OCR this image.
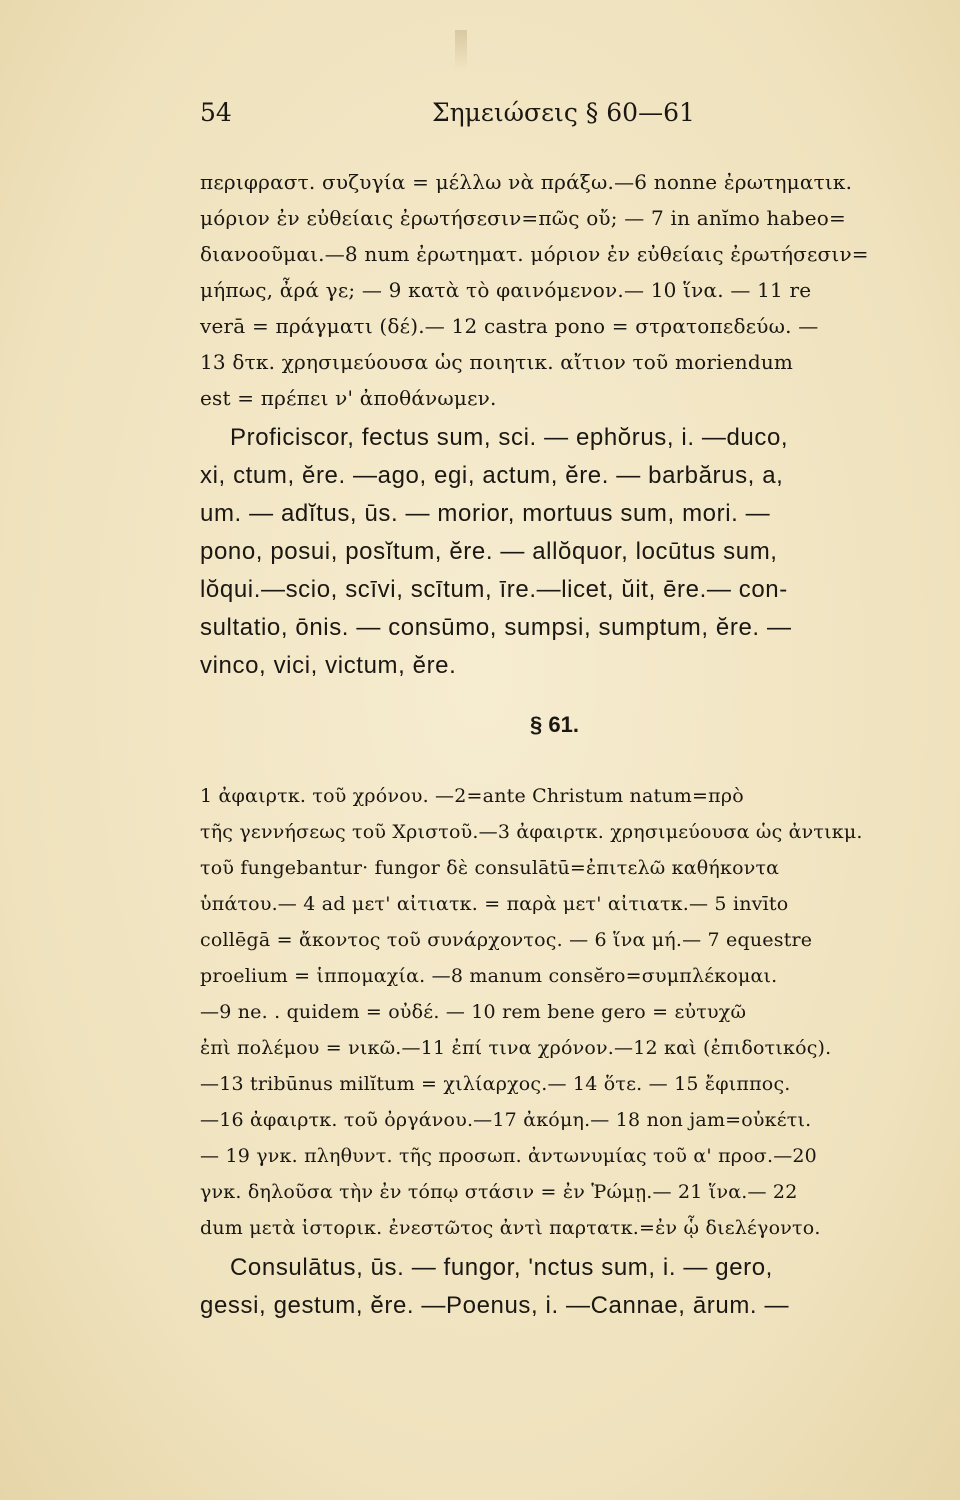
54	Σημειώσεις § 60—61
περιφραστ. συζυγία = μέλλω νὰ πράξω.—6 nonne ἐρωτηματικ.
μόριον ἐν εὐθείαις ἐρωτήσεσιν=πῶς οὔ; — 7 in anĭmo habeo=
διανοοῦμαι.—8 num ἐρωτηματ. μόριον ἐν εὐθείαις ἐρωτήσεσιν=
μήπως, ἆρά γε; — 9 κατὰ τὸ φαινόμενον.— 10 ἵνα. — 11 re
verā = πράγματι (δέ).— 12 castra pono = στρατοπεδεύω. —
13 δτκ. χρησιμεύουσα ὡς ποιητικ. αἴτιον τοῦ moriendum
est = πρέπει ν' ἀποθάνωμεν.
Proficiscor, fectus sum, sci. — ephŏrus, i. —duco,
xi, ctum, ĕre. —ago, egi, actum, ĕre. — barbărus, a,
um. — adĭtus, ūs. — morior, mortuus sum, mori. —
pono, posui, posĭtum, ĕre. — allŏquor, locūtus sum,
lŏqui.—scio, scīvi, scītum, īre.—licet, ŭit, ēre.— con-
sultatio, ōnis. — consūmo, sumpsi, sumptum, ĕre. —
vinco, vici, victum, ĕre.
§ 61.
1 ἀφαιρτκ. τοῦ χρόνου. —2=ante Christum natum=πρὸ
τῆς γεννήσεως τοῦ Χριστοῦ.—3 ἀφαιρτκ. χρησιμεύουσα ὡς ἀντικμ.
τοῦ fungebantur· fungor δὲ consulātū=ἐπιτελῶ καθήκοντα
ὑπάτου.— 4 ad μετ' αἰτιατκ. = παρὰ μετ' αἰτιατκ.— 5 invīto
collēgā = ἄκοντος τοῦ συνάρχοντος. — 6 ἵνα μή.— 7 equestre
proelium = ἱππομαχία. —8 manum consĕro=συμπλέκομαι.
—9 ne. . quidem = οὐδέ. — 10 rem bene gero = εὐτυχῶ
ἐπὶ πολέμου = νικῶ.—11 ἐπί τινα χρόνον.—12 καὶ (ἐπιδοτικός).
—13 tribūnus milĭtum = χιλίαρχος.— 14 ὅτε. — 15 ἔφιππος.
—16 ἀφαιρτκ. τοῦ ὀργάνου.—17 ἀκόμη.— 18 non jam=οὐκέτι.
— 19 γνκ. πληθυντ. τῆς προσωπ. ἀντωνυμίας τοῦ α' προσ.—20
γνκ. δηλοῦσα τὴν ἐν τόπῳ στάσιν = ἐν Ῥώμῃ.— 21 ἵνα.— 22
dum μετὰ ἱστορικ. ἐνεστῶτος ἀντὶ παρτατκ.=ἐν ᾧ διελέγοντο.
Consulātus, ūs. — fungor, 'nctus sum, i. — gero,
gessi, gestum, ĕre. —Poenus, i. —Cannae, ārum. —
